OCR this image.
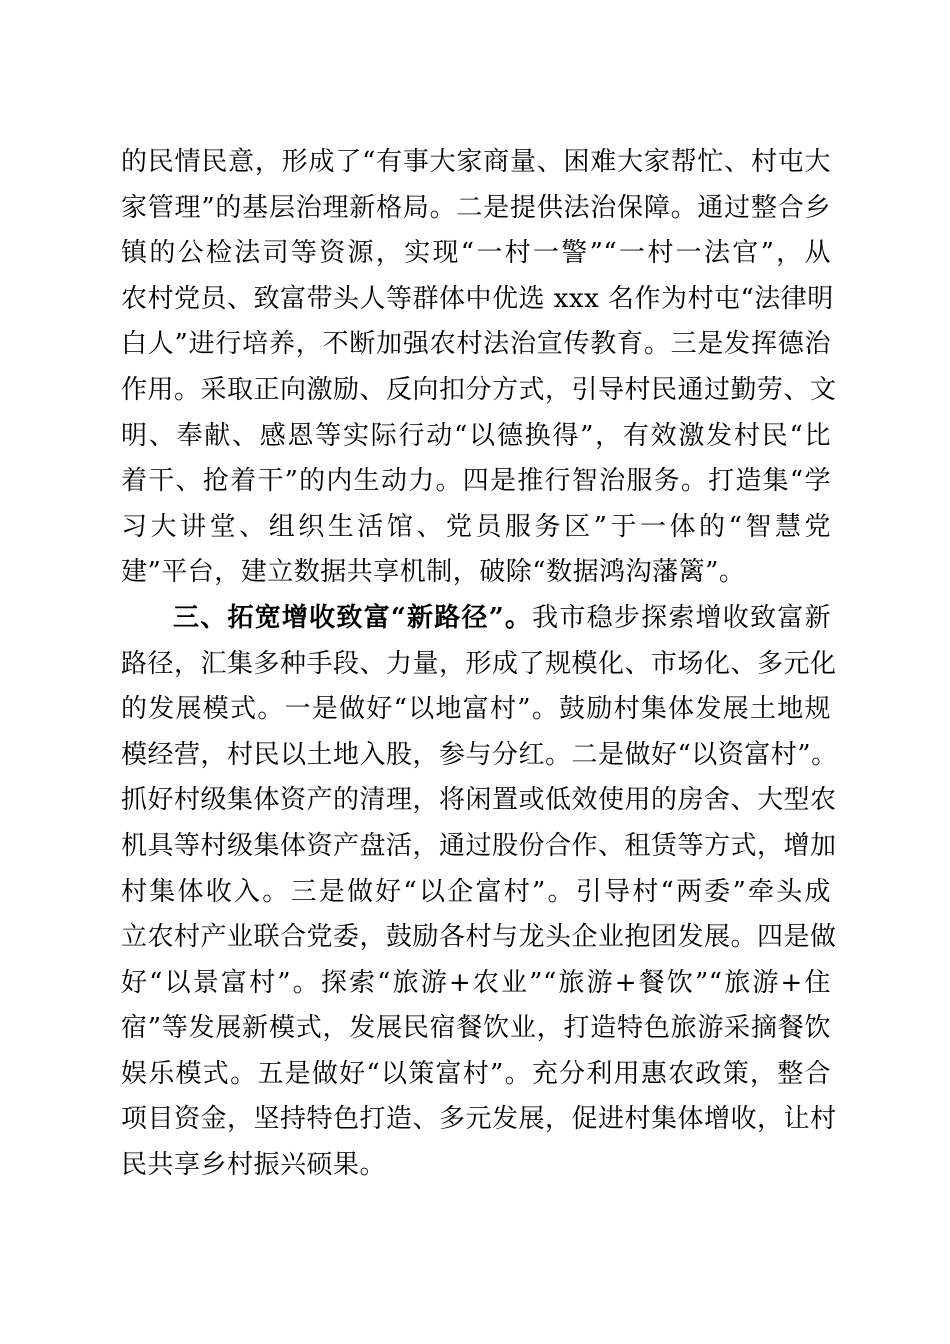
的民情民意，形成了“有事大家商量、困难大家帮忙、村屯大
家管理”的基层治理新格局。二是提供法治保障。通过整合乡
镇的公检法司等资源，实现“一村一警”“一村一法官”，从
农村党员、致富带头人等群体中优选 xxx 名作为村屯“法律明
白人”进行培养，不断加强农村法治宣传教育。三是发挥德治
作用。采取正向激励、反向扣分方式，引导村民通过勤劳、文
明、奉献、感恩等实际行动“以德换得”，有效激发村民“比
着干、抢着干”的内生动力。四是推行智治服务。打造集“学
习大讲堂、组织生活馆、党员服务区”于一体的“智慧党
建”平台，建立数据共享机制，破除“数据鸿沟藩篱”。
三、拓宽增收致富“新路径”。我市稳步探索增收致富新
路径，汇集多种手段、力量，形成了规模化、市场化、多元化
的发展模式。一是做好“以地富村”。鼓励村集体发展土地规
模经营，村民以土地入股，参与分红。二是做好“以资富村”。
抓好村级集体资产的清理，将闲置或低效使用的房舍、大型农
机具等村级集体资产盘活，通过股份合作、租赁等方式，增加
村集体收入。三是做好“以企富村”。引导村“两委”牵头成
立农村产业联合党委，鼓励各村与龙头企业抱团发展。四是做
好“以景富村”。探索“旅游+农业”“旅游+餐饮”“旅游+住
宿”等发展新模式，发展民宿餐饮业，打造特色旅游采摘餐饮
娱乐模式。五是做好“以策富村”。充分利用惠农政策，整合
项目资金，坚持特色打造、多元发展，促进村集体增收，让村
民共享乡村振兴硕果。
